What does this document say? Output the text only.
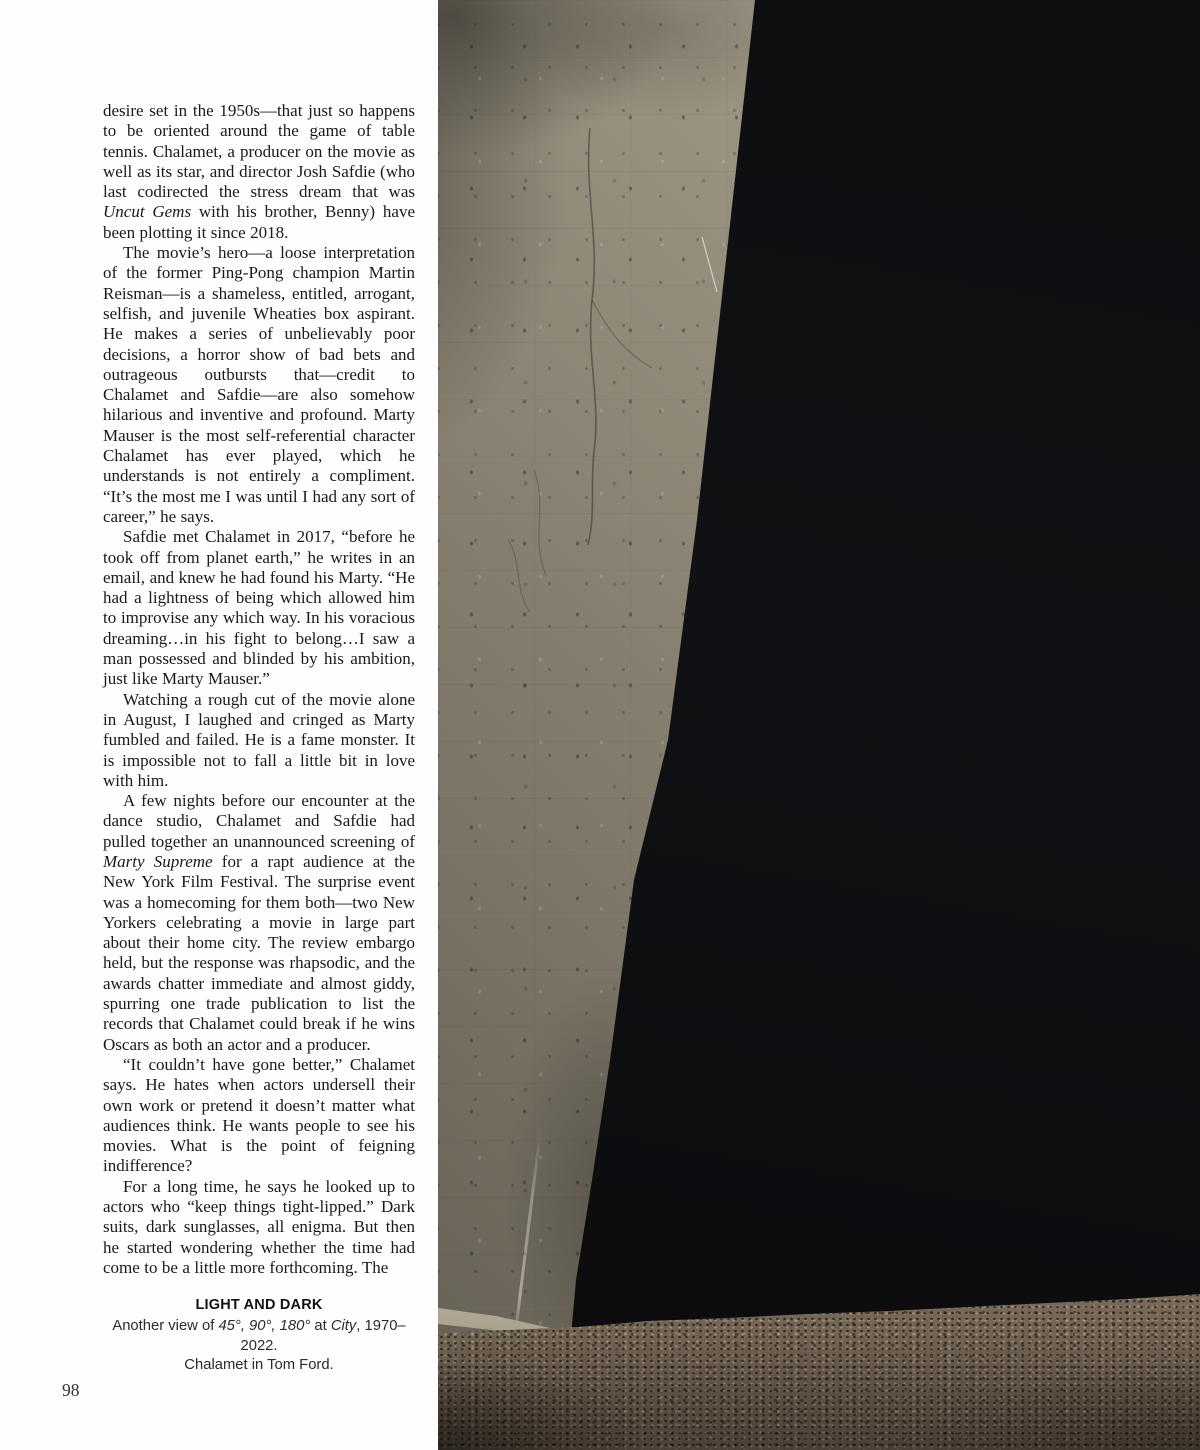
desire set in the 1950s—that just so happens to be oriented around the game of table tennis. Chalamet, a producer on the movie as well as its star, and director Josh Safdie (who last codirected the stress dream that was Uncut Gems with his brother, Benny) have been plotting it since 2018.

The movie’s hero—a loose interpretation of the former Ping-Pong champion Martin Reisman—is a shameless, entitled, arrogant, selfish, and juvenile Wheaties box aspirant. He makes a series of unbelievably poor decisions, a horror show of bad bets and outrageous outbursts that—credit to Chalamet and Safdie—are also somehow hilarious and inventive and profound. Marty Mauser is the most self-referential character Chalamet has ever played, which he understands is not entirely a compliment. “It’s the most me I was until I had any sort of career,” he says.

Safdie met Chalamet in 2017, “before he took off from planet earth,” he writes in an email, and knew he had found his Marty. “He had a lightness of being which allowed him to improvise any which way. In his voracious dreaming…in his fight to belong…I saw a man possessed and blinded by his ambition, just like Marty Mauser.”

Watching a rough cut of the movie alone in August, I laughed and cringed as Marty fumbled and failed. He is a fame monster. It is impossible not to fall a little bit in love with him.

A few nights before our encounter at the dance studio, Chalamet and Safdie had pulled together an unannounced screening of Marty Supreme for a rapt audience at the New York Film Festival. The surprise event was a homecoming for them both—two New Yorkers celebrating a movie in large part about their home city. The review embargo held, but the response was rhapsodic, and the awards chatter immediate and almost giddy, spurring one trade publication to list the records that Chalamet could break if he wins Oscars as both an actor and a producer.

“It couldn’t have gone better,” Chalamet says. He hates when actors undersell their own work or pretend it doesn’t matter what audiences think. He wants people to see his movies. What is the point of feigning indifference?

For a long time, he says he looked up to actors who “keep things tight-lipped.” Dark suits, dark sunglasses, all enigma. But then he started wondering whether the time had come to be a little more forthcoming. The

LIGHT AND DARK
Another view of 45°, 90°, 180° at City, 1970–2022.
Chalamet in Tom Ford.
98
